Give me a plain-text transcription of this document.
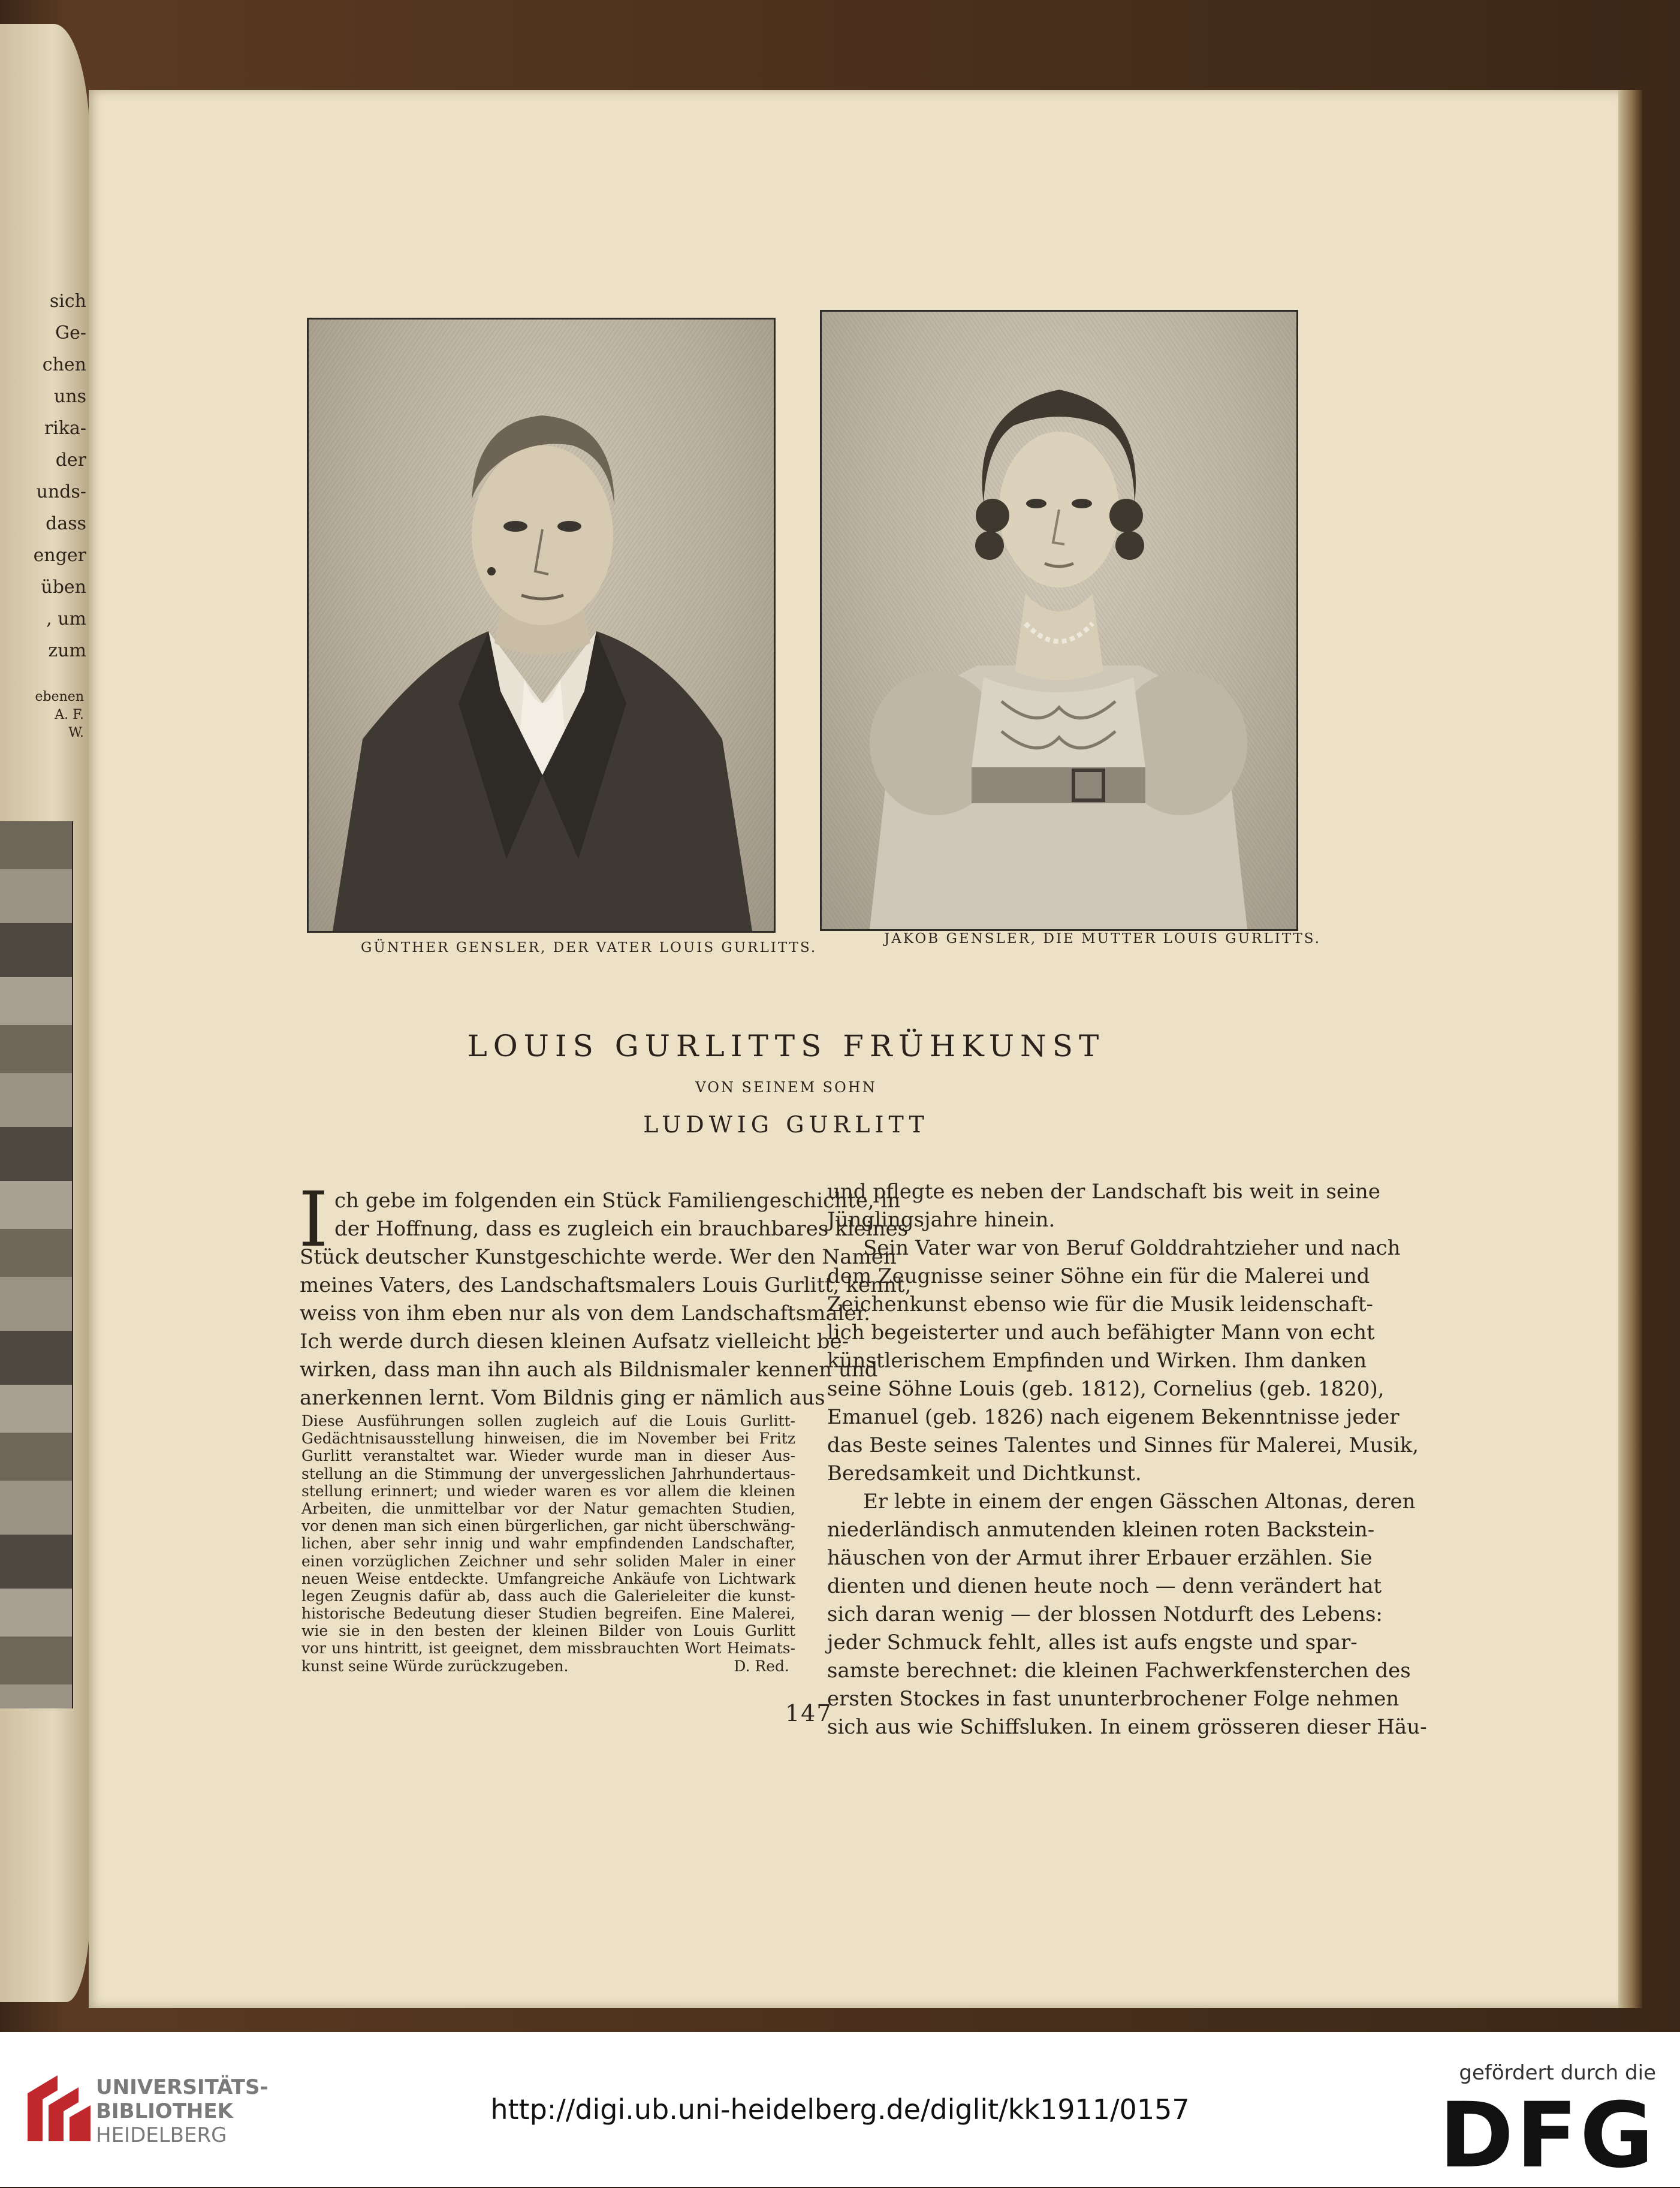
sich
Ge-
chen
uns
rika-
der
unds-
dass
enger
üben
, um
zum
ebenen
A. F.
W.
GÜNTHER GENSLER, DER VATER LOUIS GURLITTS.
JAKOB GENSLER, DIE MUTTER LOUIS GURLITTS.
LOUIS GURLITTS FRÜHKUNST
VON SEINEM SOHN
LUDWIG GURLITT
I ch gebe im folgenden ein Stück Familiengeschichte, in
der Hoffnung, dass es zugleich ein brauchbares kleines
Stück deutscher Kunstgeschichte werde. Wer den Namen
meines Vaters, des Landschaftsmalers Louis Gurlitt, kennt,
weiss von ihm eben nur als von dem Landschaftsmaler.
Ich werde durch diesen kleinen Aufsatz vielleicht be-
wirken, dass man ihn auch als Bildnismaler kennen und
anerkennen lernt. Vom Bildnis ging er nämlich aus
Diese Ausführungen sollen zugleich auf die Louis Gurlitt-
Gedächtnisausstellung hinweisen, die im November bei Fritz
Gurlitt veranstaltet war. Wieder wurde man in dieser Aus-
stellung an die Stimmung der unvergesslichen Jahrhundertaus-
stellung erinnert; und wieder waren es vor allem die kleinen
Arbeiten, die unmittelbar vor der Natur gemachten Studien,
vor denen man sich einen bürgerlichen, gar nicht überschwäng-
lichen, aber sehr innig und wahr empfindenden Landschafter,
einen vorzüglichen Zeichner und sehr soliden Maler in einer
neuen Weise entdeckte. Umfangreiche Ankäufe von Lichtwark
legen Zeugnis dafür ab, dass auch die Galerieleiter die kunst-
historische Bedeutung dieser Studien begreifen. Eine Malerei,
wie sie in den besten der kleinen Bilder von Louis Gurlitt
vor uns hintritt, ist geeignet, dem missbrauchten Wort Heimats-
kunst seine Würde zurückzugeben.	D. Red.
und pflegte es neben der Landschaft bis weit in seine
Jünglingsjahre hinein.
Sein Vater war von Beruf Golddrahtzieher und nach
dem Zeugnisse seiner Söhne ein für die Malerei und
Zeichenkunst ebenso wie für die Musik leidenschaft-
lich begeisterter und auch befähigter Mann von echt
künstlerischem Empfinden und Wirken. Ihm danken
seine Söhne Louis (geb. 1812), Cornelius (geb. 1820),
Emanuel (geb. 1826) nach eigenem Bekenntnisse jeder
das Beste seines Talentes und Sinnes für Malerei, Musik,
Beredsamkeit und Dichtkunst.
Er lebte in einem der engen Gässchen Altonas, deren
niederländisch anmutenden kleinen roten Backstein-
häuschen von der Armut ihrer Erbauer erzählen. Sie
dienten und dienen heute noch — denn verändert hat
sich daran wenig — der blossen Notdurft des Lebens:
jeder Schmuck fehlt, alles ist aufs engste und spar-
samste berechnet: die kleinen Fachwerkfensterchen des
ersten Stockes in fast ununterbrochener Folge nehmen
sich aus wie Schiffsluken. In einem grösseren dieser Häu-
147
UNIVERSITÄTS-
BIBLIOTHEK
HEIDELBERG
http://digi.ub.uni-heidelberg.de/diglit/kk1911/0157
gefördert durch die
DFG
